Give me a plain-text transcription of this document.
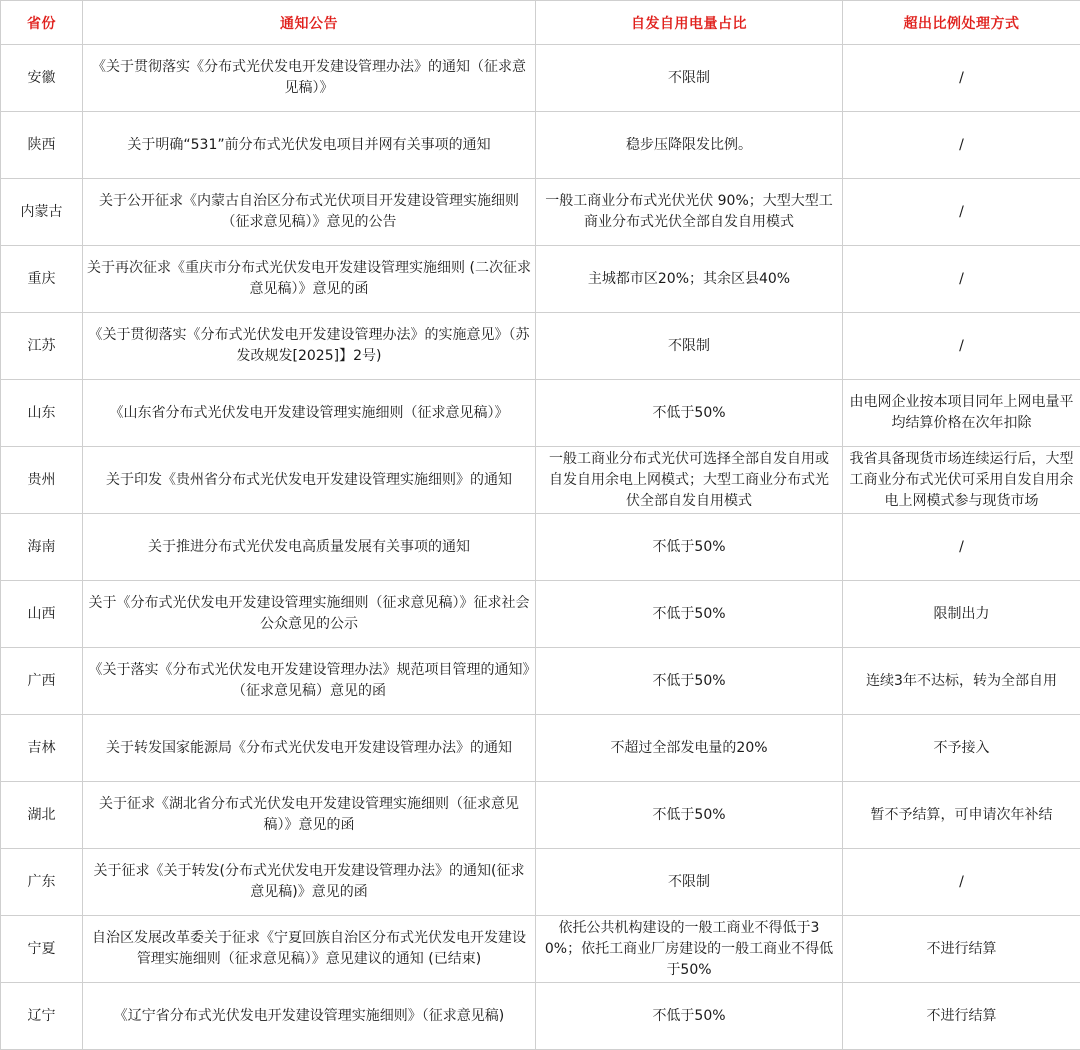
省份	通知公告	自发自用电量占比	超出比例处理方式
安徽	《关于贯彻落实《分布式光伏发电开发建设管理办法》的通知（征求意见稿）》	不限制	/
陕西	关于明确“531”前分布式光伏发电项目并网有关事项的通知	稳步压降限发比例。	/
内蒙古	关于公开征求《内蒙古自治区分布式光伏项目开发建设管理实施细则（征求意见稿）》意见的公告	一般工商业分布式光伏光伏 90%；大型大型工商业分布式光伏全部自发自用模式	/
重庆	关于再次征求《重庆市分布式光伏发电开发建设管理实施细则 (二次征求意见稿）》意见的函	主城都市区20%；其余区县40%	/
江苏	《关于贯彻落实《分布式光伏发电开发建设管理办法》的实施意见》（苏发改规发[2025]】2号)	不限制	/
山东	《山东省分布式光伏发电开发建设管理实施细则（征求意见稿）》	不低于50%	由电网企业按本项目同年上网电量平均结算价格在次年扣除
贵州	关于印发《贵州省分布式光伏发电开发建设管理实施细则》的通知	一般工商业分布式光伏可选择全部自发自用或自发自用余电上网模式；大型工商业分布式光伏全部自发自用模式	我省具备现货市场连续运行后，大型工商业分布式光伏可采用自发自用余电上网模式参与现货市场
海南	关于推进分布式光伏发电高质量发展有关事项的通知	不低于50%	/
山西	关于《分布式光伏发电开发建设管理实施细则（征求意见稿）》征求社会公众意见的公示	不低于50%	限制出力
广西	《关于落实《分布式光伏发电开发建设管理办法》规范项目管理的通知》（征求意见稿）意见的函	不低于50%	连续3年不达标，转为全部自用
吉林	关于转发国家能源局《分布式光伏发电开发建设管理办法》的通知	不超过全部发电量的20%	不予接入
湖北	关于征求《湖北省分布式光伏发电开发建设管理实施细则（征求意见稿）》意见的函	不低于50%	暂不予结算，可申请次年补结
广东	关于征求《关于转发(分布式光伏发电开发建设管理办法》的通知(征求意见稿)》意见的函	不限制	/
宁夏	自治区发展改革委关于征求《宁夏回族自治区分布式光伏发电开发建设管理实施细则（征求意见稿）》意见建议的通知 (已结束)	依托公共机构建设的一般工商业不得低于30%；依托工商业厂房建设的一般工商业不得低于50%	不进行结算
辽宁	《辽宁省分布式光伏发电开发建设管理实施细则》（征求意见稿)	不低于50%	不进行结算
